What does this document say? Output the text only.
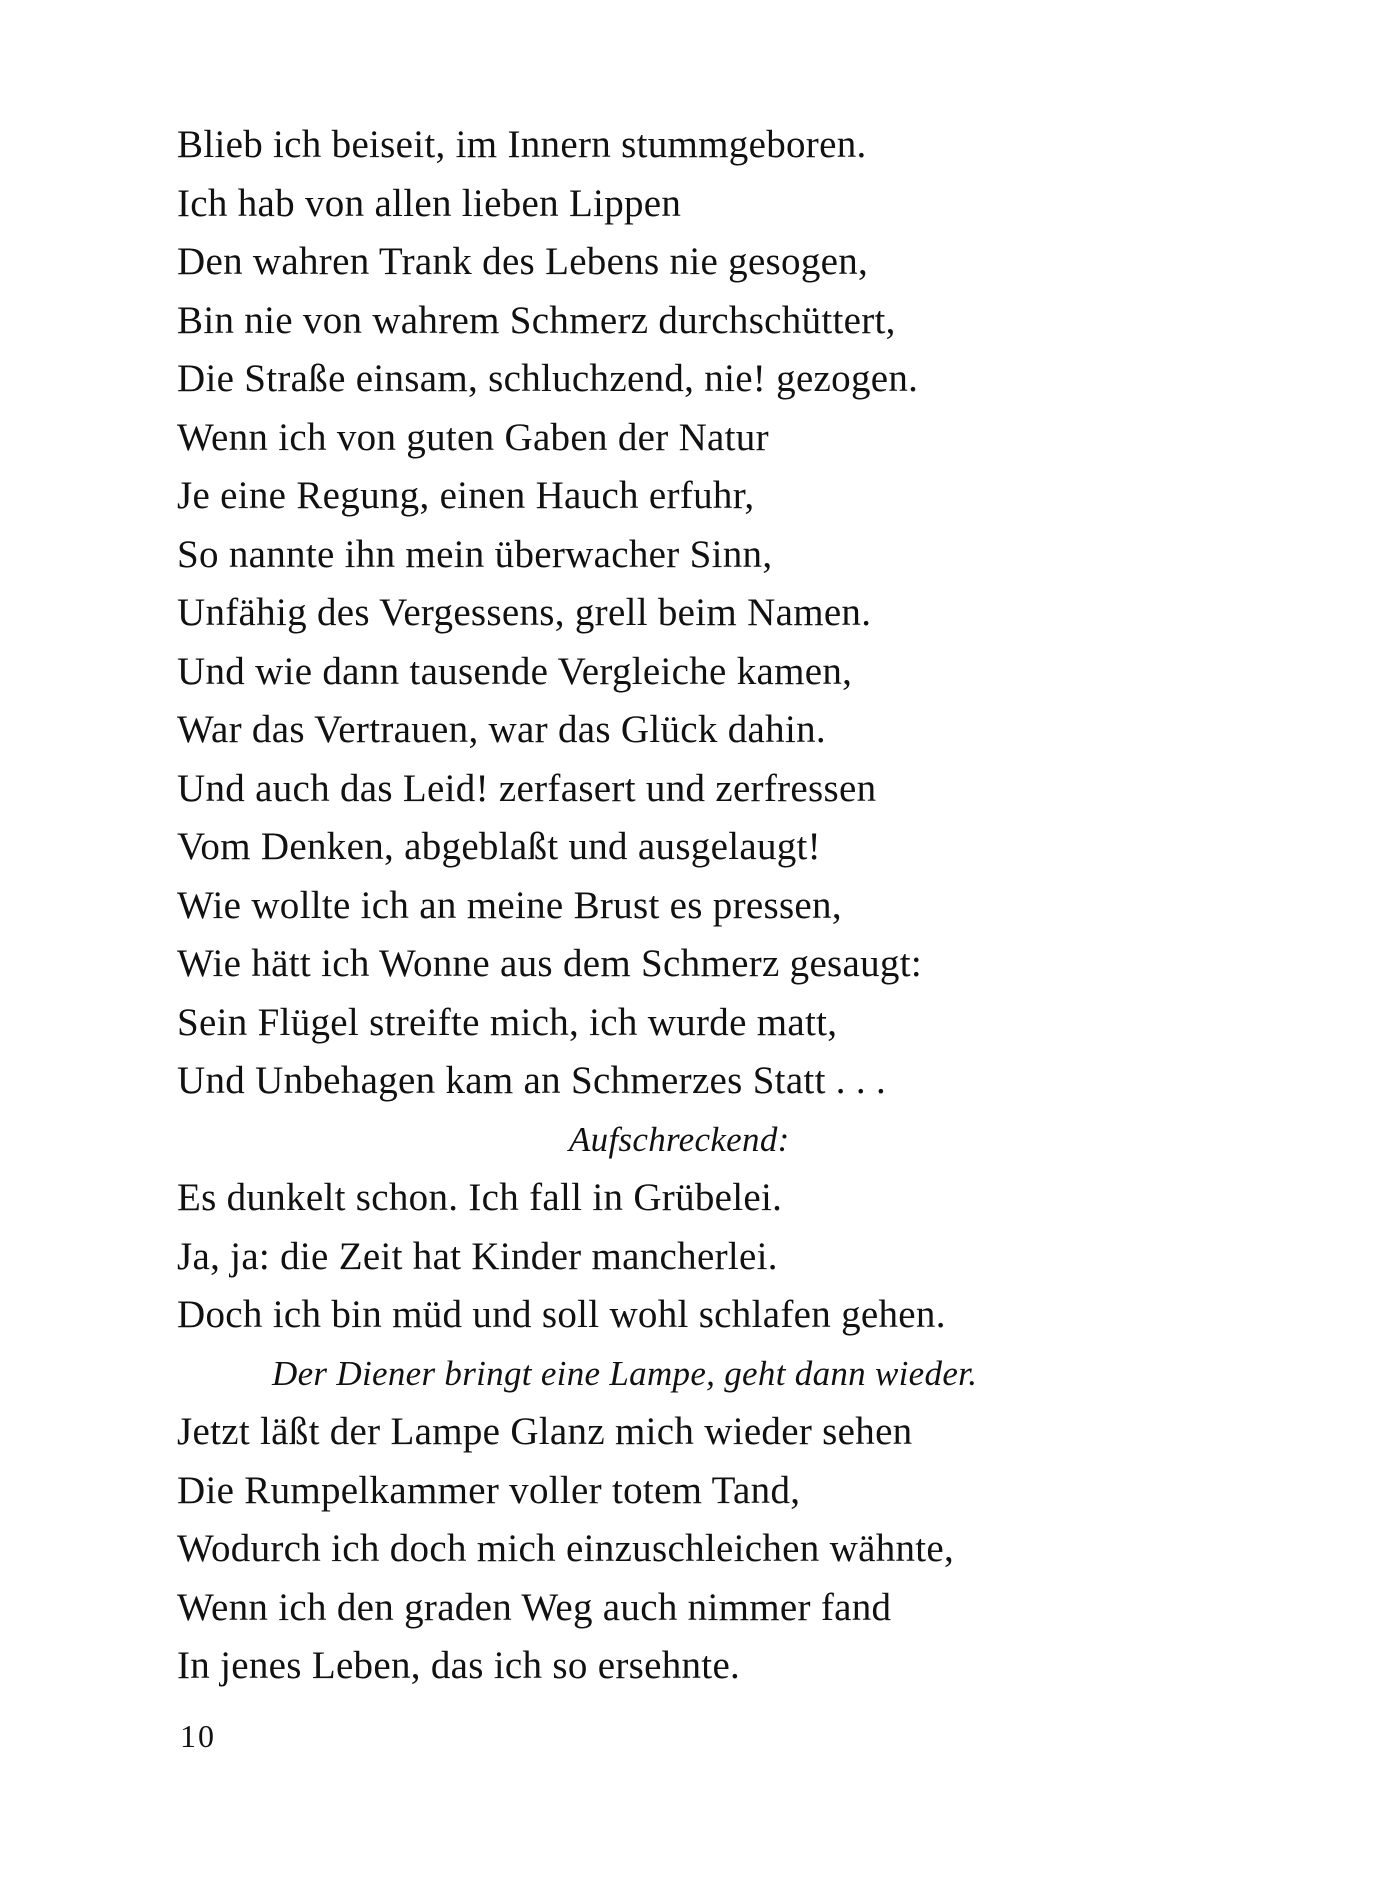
Blieb ich beiseit, im Innern stummgeboren.
Ich hab von allen lieben Lippen
Den wahren Trank des Lebens nie gesogen,
Bin nie von wahrem Schmerz durchschüttert,
Die Straße einsam, schluchzend, nie! gezogen.
Wenn ich von guten Gaben der Natur
Je eine Regung, einen Hauch erfuhr,
So nannte ihn mein überwacher Sinn,
Unfähig des Vergessens, grell beim Namen.
Und wie dann tausende Vergleiche kamen,
War das Vertrauen, war das Glück dahin.
Und auch das Leid! zerfasert und zerfressen
Vom Denken, abgeblaßt und ausgelaugt!
Wie wollte ich an meine Brust es pressen,
Wie hätt ich Wonne aus dem Schmerz gesaugt:
Sein Flügel streifte mich, ich wurde matt,
Und Unbehagen kam an Schmerzes Statt . . .
Aufschreckend:
Es dunkelt schon. Ich fall in Grübelei.
Ja, ja: die Zeit hat Kinder mancherlei.
Doch ich bin müd und soll wohl schlafen gehen.
Der Diener bringt eine Lampe, geht dann wieder.
Jetzt läßt der Lampe Glanz mich wieder sehen
Die Rumpelkammer voller totem Tand,
Wodurch ich doch mich einzuschleichen wähnte,
Wenn ich den graden Weg auch nimmer fand
In jenes Leben, das ich so ersehnte.
10
